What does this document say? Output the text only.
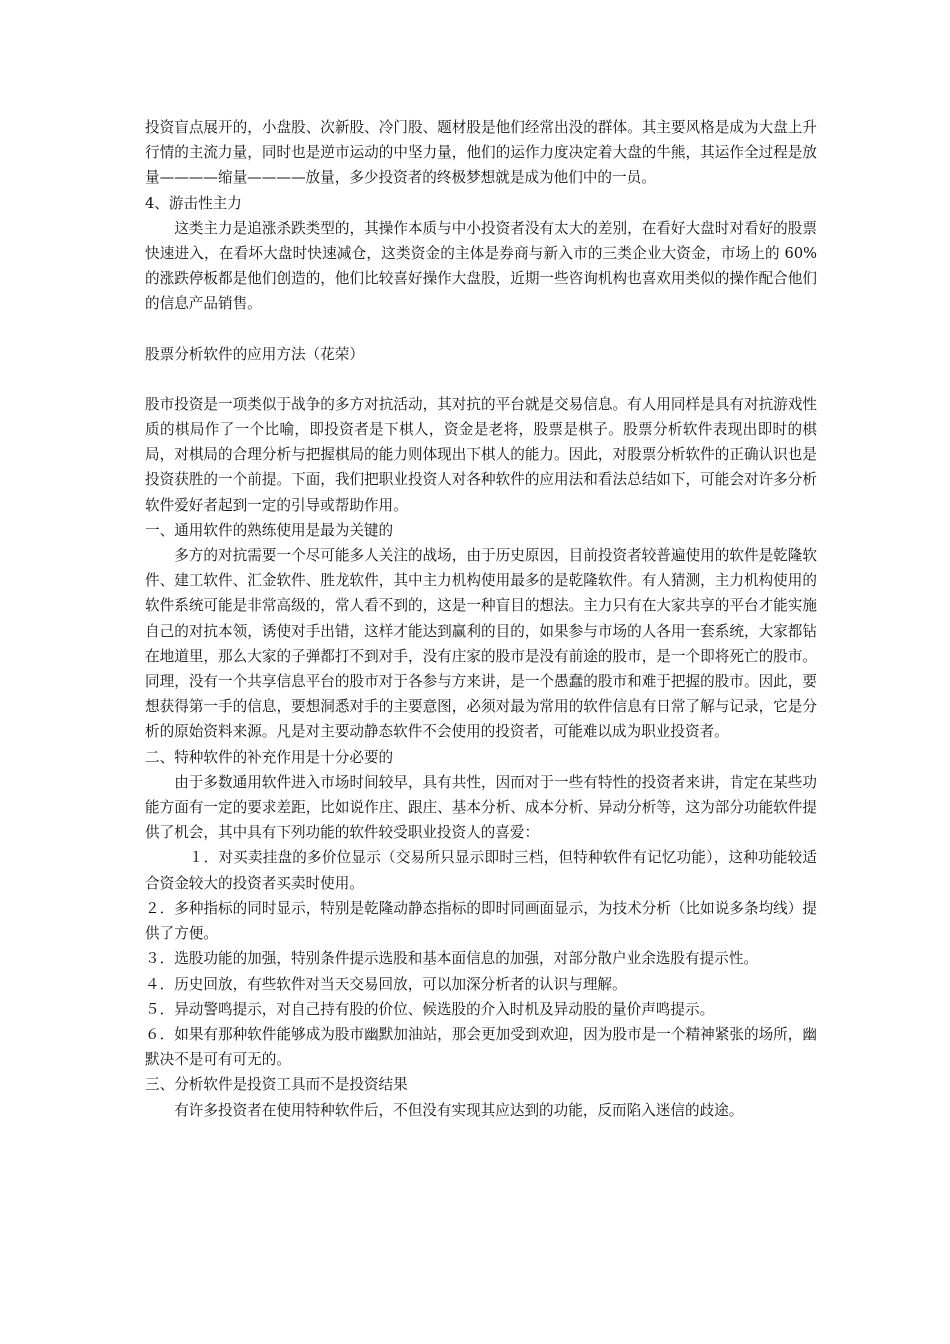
投资盲点展开的，小盘股、次新股、冷门股、题材股是他们经常出没的群体。其主要风格是成为大盘上升行情的主流力量，同时也是逆市运动的中坚力量，他们的运作力度决定着大盘的牛熊，其运作全过程是放量————缩量————放量，多少投资者的终极梦想就是成为他们中的一员。

4、游击性主力

这类主力是追涨杀跌类型的，其操作本质与中小投资者没有太大的差别，在看好大盘时对看好的股票快速进入，在看坏大盘时快速减仓，这类资金的主体是券商与新入市的三类企业大资金，市场上的 60%的涨跌停板都是他们创造的，他们比较喜好操作大盘股，近期一些咨询机构也喜欢用类似的操作配合他们的信息产品销售。

股票分析软件的应用方法（花荣）

股市投资是一项类似于战争的多方对抗活动，其对抗的平台就是交易信息。有人用同样是具有对抗游戏性质的棋局作了一个比喻，即投资者是下棋人，资金是老将，股票是棋子。股票分析软件表现出即时的棋局，对棋局的合理分析与把握棋局的能力则体现出下棋人的能力。因此，对股票分析软件的正确认识也是投资获胜的一个前提。下面，我们把职业投资人对各种软件的应用法和看法总结如下，可能会对许多分析软件爱好者起到一定的引导或帮助作用。

一、通用软件的熟练使用是最为关键的

多方的对抗需要一个尽可能多人关注的战场，由于历史原因，目前投资者较普遍使用的软件是乾隆软件、建工软件、汇金软件、胜龙软件，其中主力机构使用最多的是乾隆软件。有人猜测，主力机构使用的软件系统可能是非常高级的，常人看不到的，这是一种盲目的想法。主力只有在大家共享的平台才能实施自己的对抗本领，诱使对手出错，这样才能达到赢利的目的，如果参与市场的人各用一套系统，大家都钻在地道里，那么大家的子弹都打不到对手，没有庄家的股市是没有前途的股市，是一个即将死亡的股市。同理，没有一个共享信息平台的股市对于各参与方来讲，是一个愚蠢的股市和难于把握的股市。因此，要想获得第一手的信息，要想洞悉对手的主要意图，必须对最为常用的软件信息有日常了解与记录，它是分析的原始资料来源。凡是对主要动静态软件不会使用的投资者，可能难以成为职业投资者。

二、特种软件的补充作用是十分必要的

由于多数通用软件进入市场时间较早，具有共性，因而对于一些有特性的投资者来讲，肯定在某些功能方面有一定的要求差距，比如说作庄、跟庄、基本分析、成本分析、异动分析等，这为部分功能软件提供了机会，其中具有下列功能的软件较受职业投资人的喜爱：

１．对买卖挂盘的多价位显示（交易所只显示即时三档，但特种软件有记忆功能），这种功能较适合资金较大的投资者买卖时使用。

２．多种指标的同时显示，特别是乾隆动静态指标的即时同画面显示，为技术分析（比如说多条均线）提供了方便。

３．选股功能的加强，特别条件提示选股和基本面信息的加强，对部分散户业余选股有提示性。

４．历史回放，有些软件对当天交易回放，可以加深分析者的认识与理解。

５．异动警鸣提示，对自己持有股的价位、候选股的介入时机及异动股的量价声鸣提示。

６．如果有那种软件能够成为股市幽默加油站，那会更加受到欢迎，因为股市是一个精神紧张的场所，幽默决不是可有可无的。

三、分析软件是投资工具而不是投资结果

有许多投资者在使用特种软件后，不但没有实现其应达到的功能，反而陷入迷信的歧途。
